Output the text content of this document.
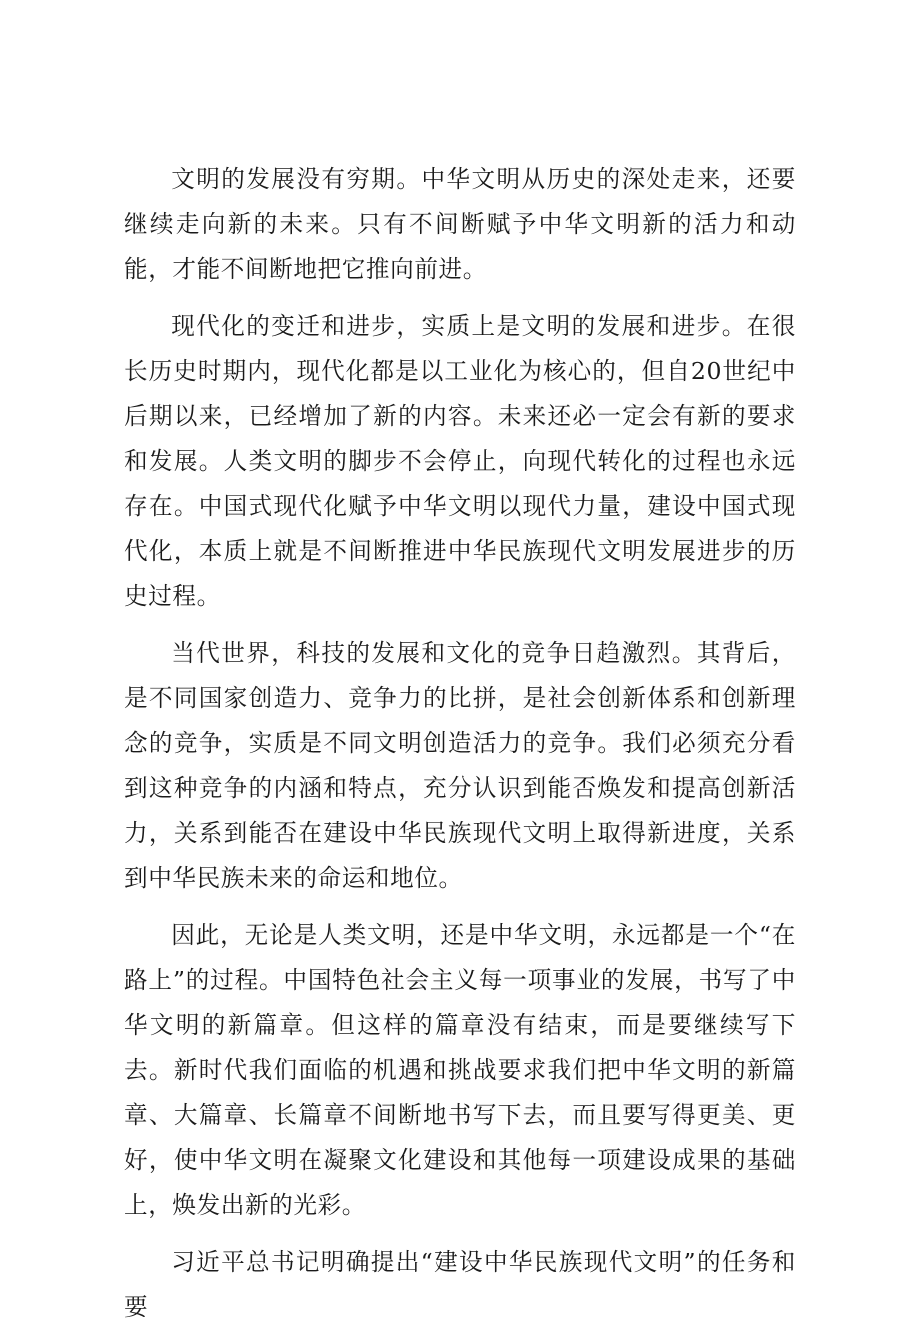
文明的发展没有穷期。中华文明从历史的深处走来，还要继续走向新的未来。只有不间断赋予中华文明新的活力和动能，才能不间断地把它推向前进。

现代化的变迁和进步，实质上是文明的发展和进步。在很长历史时期内，现代化都是以工业化为核心的，但自20世纪中后期以来，已经增加了新的内容。未来还必一定会有新的要求和发展。人类文明的脚步不会停止，向现代转化的过程也永远存在。中国式现代化赋予中华文明以现代力量，建设中国式现代化，本质上就是不间断推进中华民族现代文明发展进步的历史过程。

当代世界，科技的发展和文化的竞争日趋激烈。其背后，是不同国家创造力、竞争力的比拼，是社会创新体系和创新理念的竞争，实质是不同文明创造活力的竞争。我们必须充分看到这种竞争的内涵和特点，充分认识到能否焕发和提高创新活力，关系到能否在建设中华民族现代文明上取得新进度，关系到中华民族未来的命运和地位。

因此，无论是人类文明，还是中华文明，永远都是一个“在路上”的过程。中国特色社会主义每一项事业的发展，书写了中华文明的新篇章。但这样的篇章没有结束，而是要继续写下去。新时代我们面临的机遇和挑战要求我们把中华文明的新篇章、大篇章、长篇章不间断地书写下去，而且要写得更美、更好，使中华文明在凝聚文化建设和其他每一项建设成果的基础上，焕发出新的光彩。

习近平总书记明确提出“建设中华民族现代文明”的任务和要
